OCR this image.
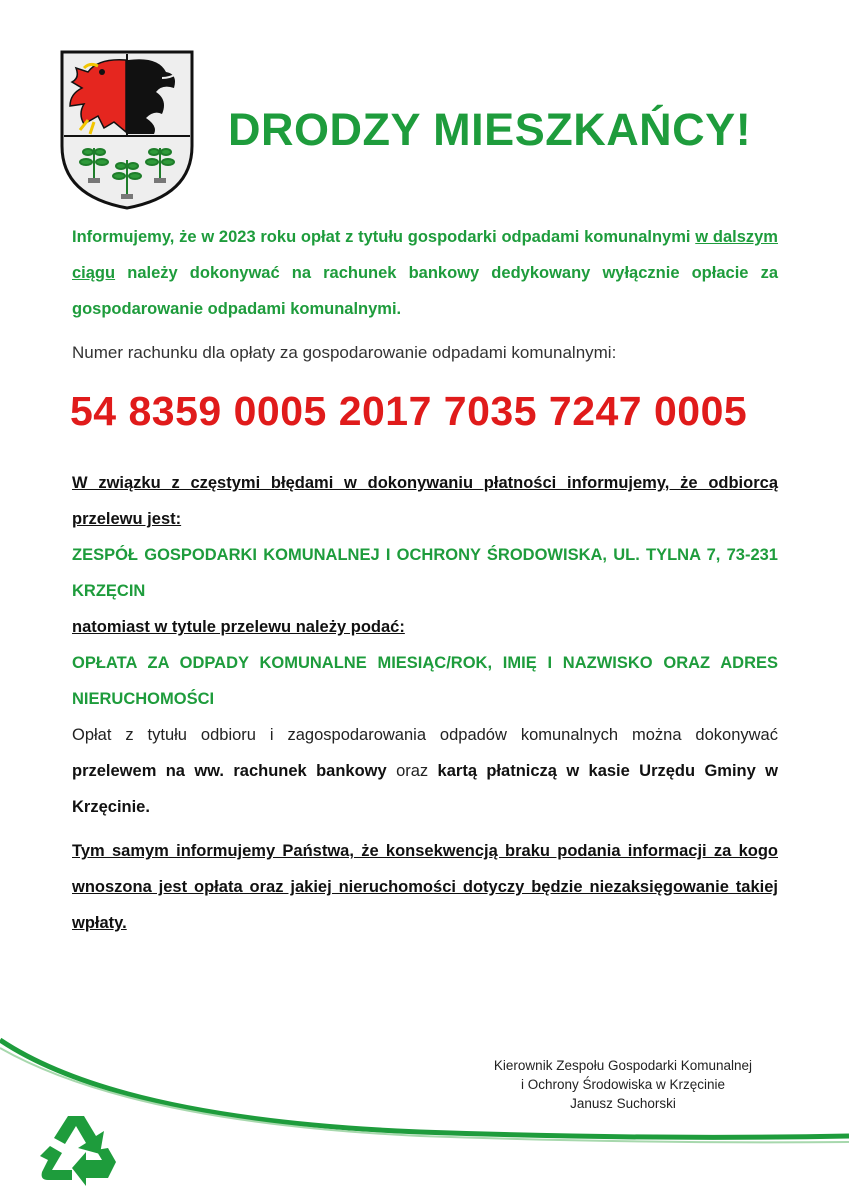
DRODZY MIESZKAŃCY!

Informujemy, że w 2023 roku opłat z tytułu gospodarki odpadami komunalnymi w dalszym ciągu należy dokonywać na rachunek bankowy dedykowany wyłącznie opłacie za gospodarowanie odpadami komunalnymi.

Numer rachunku dla opłaty za gospodarowanie odpadami komunalnymi:

54 8359 0005 2017 7035 7247 0005

W związku z częstymi błędami w dokonywaniu płatności informujemy, że odbiorcą przelewu jest:
ZESPÓŁ GOSPODARKI KOMUNALNEJ I OCHRONY ŚRODOWISKA, UL. TYLNA 7, 73-231 KRZĘCIN
natomiast w tytule przelewu należy podać:
OPŁATA ZA ODPADY KOMUNALNE MIESIĄC/ROK, IMIĘ I NAZWISKO ORAZ ADRES NIERUCHOMOŚCI
Opłat z tytułu odbioru i zagospodarowania odpadów komunalnych można dokonywać przelewem na ww. rachunek bankowy oraz kartą płatniczą w kasie Urzędu Gminy w Krzęcinie.
Tym samym informujemy Państwa, że konsekwencją braku podania informacji za kogo wnoszona jest opłata oraz jakiej nieruchomości dotyczy będzie niezaksięgowanie takiej wpłaty.
Kierownik Zespołu Gospodarki Komunalnej
i Ochrony Środowiska w Krzęcinie
Janusz Suchorski
